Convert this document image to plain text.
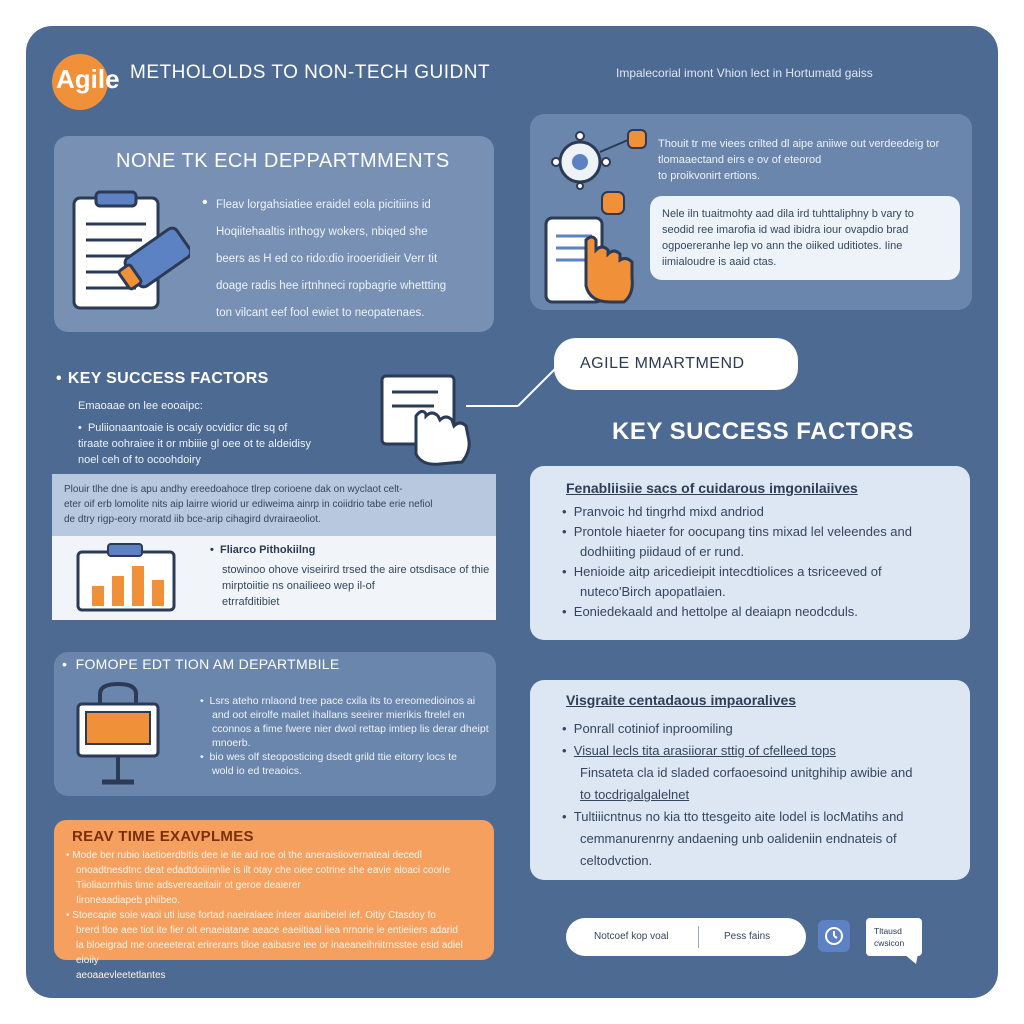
Agile METHOLOLDS TO NON-TECH GUIDNT	Impalecorial imont Vhion lect in Hortumatd gaiss
NONE TK ECH DEPPARTMMENTS
• Fleav lorgahsiatiee eraidel eola picitiiins id
Hoqiitehaaltis inthogy wokers, nbiqed she
beers as H ed co rido:dio irooeridieir Verr tit
doage radis hee irtnhneci ropbagrie whettting
ton vilcant eef fool ewiet to neopatenaes.
Thouit tr me viees crilted dl aipe aniiwe out verdeedeig tor
tlomaaectand eirs e ov of eteorod
to proikvonirt ertions.
Nele iln tuaitmohty aad dila ird tuhttaliphny b vary to
seodid ree imarofia id wad ibidra iour ovapdio brad
ogpoereranhe lep vo ann the oiiked uditiotes. Iine
iimialoudre is aaid ctas.
AGILE MMARTMEND
• KEY SUCCESS FACTORS
Emaoaae on lee eooaipc:
•  Puliionaantoaie is ocaiy ocvidicr dic sq of
tiraate oohraiee it or mbiiie gl oee ot te aldeidisy
noel ceh of to ocoohdoiry
Plouir tlhe dne is apu andhy ereedoahoce tlrep corioene dak on wyclaot celt-
eter oif erb lomolite nits aip lairre wiorid ur ediweima ainrp in coiidrio tabe erie nefiol
de dtry rigp-eory rnoratd iib bce-arip cihagird dvrairaeoliot.
•  Fliarco Pithokiilng
stowinoo ohove viseirird trsed the aire otsdisace of thie
mirptoiitie ns onailieeo wep il-of
etrrafditibiet
•  FOMOPE EDT TION AM DEPARTMBILE
•  Lsrs ateho rnlaond tree pace cxila its to ereomedioinos ai
and oot eirolfe mailet ihallans seeirer mierikis ftrelel en
cconnos a fime fwere nier dwol rettap imtiep lis derar dheipt
mnoerb.
•  bio wes olf steoposticing dsedt grild ttie eitorry locs te
wold io ed treaoics.
REAV TIME EXAVPLMES
• Mode ber rubio laetioerdbitis dee ie ite aid roe ol the aneraistiovernateal decedl
onoadtnesdtnc deat edadtdoiiinnlie is ilt otay che oiee cotrine she eavie aloaci coorle
Tiioliaorrrhiis time adsvereaeitaiir ot geroe deaierer
Iironeaadiapeb phiibeo.
• Stoecapie soie waoi uti iuse fortad naeiralaee inteer aiariibeiel ief. Oitiy Ctasdoy fo
brerd tloe aee tiot ite fier oit enaeiatane aeace eaeiitiaal iiea nrnorie ie entieiiers adarid
la bloeigrad me oneeeterat erirerarrs tiloe eaibasre iee or inaeaneihriitrnsstee esid adiel eloiiy
aeoaaevleetetlantes
KEY SUCCESS FACTORS
Fenabliisiie sacs of cuidarous imgonilaiives
•  Pranvoic hd tingrhd mixd andriod
•  Prontole hiaeter for oocupang tins mixad lel veleendes and
dodhiiting piidaud of er rund.
•  Henioide aitp aricedieipit intecdtiolices a tsriceeved of
nuteco'Birch apopatlaien.
•  Eoniedekaald and hettolpe al deaiapn neodcduls.
Visgraite centadaous impaoralives
•  Ponrall cotiniof inproomiling
•  Visual lecls tita arasiiorar sttig of cfelleed tops
Finsateta cla id sladed corfaoesoind unitghihip awibie and
to tocdrigalgalelnet
•  Tultiiicntnus no kia tto ttesgeito aite lodel is locMatihs and
cemmanurenrny andaening unb oalideniin endnateis of
celtodvction.
Notcoef kop voal	Pess fains	Tltausd cwsicon
